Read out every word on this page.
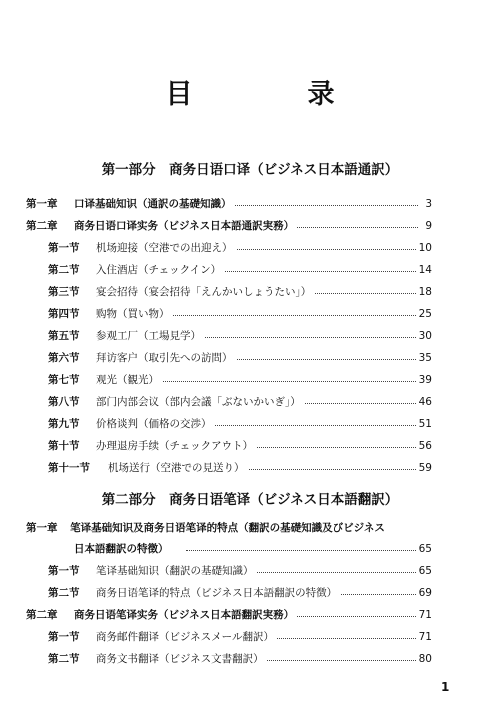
目　录
第一部分　商务日语口译（ビジネス日本語通訳）
第一章 口译基础知识（通訳の基礎知識）	3
第二章 商务日语口译实务（ビジネス日本語通訳実務）	9
第一节 机场迎接（空港での出迎え）	10
第二节 入住酒店（チェックイン）	14
第三节 宴会招待（宴会招待「えんかいしょうたい」）	18
第四节 购物（買い物）	25
第五节 参观工厂（工場見学）	30
第六节 拜访客户（取引先への訪問）	35
第七节 观光（観光）	39
第八节 部门内部会议（部内会議「ぶないかいぎ」）	46
第九节 价格谈判（価格の交渉）	51
第十节 办理退房手续（チェックアウト）	56
第十一节 机场送行（空港での見送り）	59
第二部分　商务日语笔译（ビジネス日本語翻訳）
第一章 笔译基础知识及商务日语笔译的特点（翻訳の基礎知識及びビジネス
日本語翻訳の特徴）	65
第一节 笔译基础知识（翻訳の基礎知識）	65
第二节 商务日语笔译的特点（ビジネス日本語翻訳の特徴）	69
第二章 商务日语笔译实务（ビジネス日本語翻訳実務）	71
第一节 商务邮件翻译（ビジネスメール翻訳）	71
第二节 商务文书翻译（ビジネス文書翻訳）	80
1
